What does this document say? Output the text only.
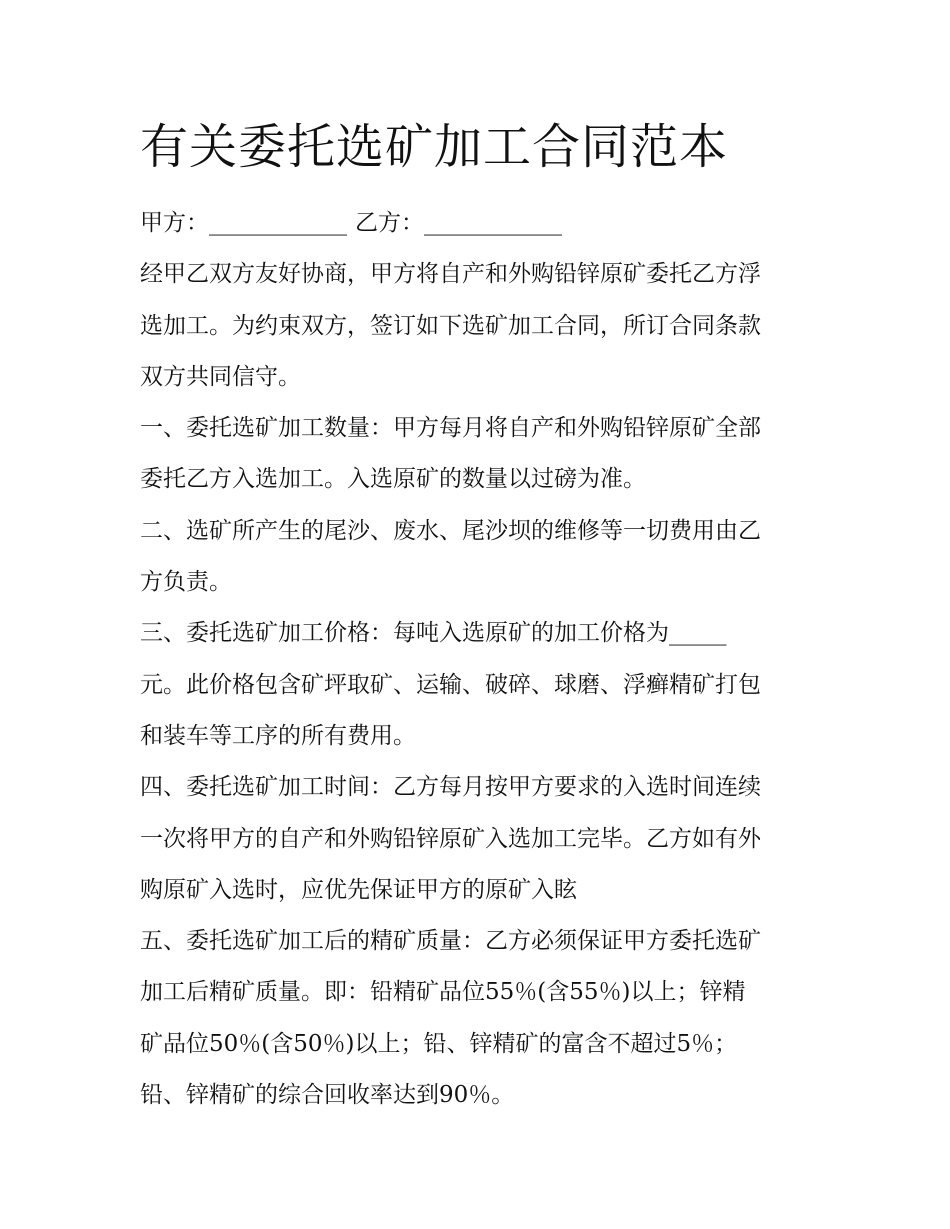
有关委托选矿加工合同范本
甲方：____________ 乙方：____________
经甲乙双方友好协商，甲方将自产和外购铅锌原矿委托乙方浮
选加工。为约束双方，签订如下选矿加工合同，所订合同条款
双方共同信守。
一、委托选矿加工数量：甲方每月将自产和外购铅锌原矿全部
委托乙方入选加工。入选原矿的数量以过磅为准。
二、选矿所产生的尾沙、废水、尾沙坝的维修等一切费用由乙
方负责。
三、委托选矿加工价格：每吨入选原矿的加工价格为_____
元。此价格包含矿坪取矿、运输、破碎、球磨、浮癣精矿打包
和装车等工序的所有费用。
四、委托选矿加工时间：乙方每月按甲方要求的入选时间连续
一次将甲方的自产和外购铅锌原矿入选加工完毕。乙方如有外
购原矿入选时，应优先保证甲方的原矿入眩
五、委托选矿加工后的精矿质量：乙方必须保证甲方委托选矿
加工后精矿质量。即：铅精矿品位55％(含55％)以上；锌精
矿品位50％(含50％)以上；铅、锌精矿的富含不超过5％；
铅、锌精矿的综合回收率达到90％。
